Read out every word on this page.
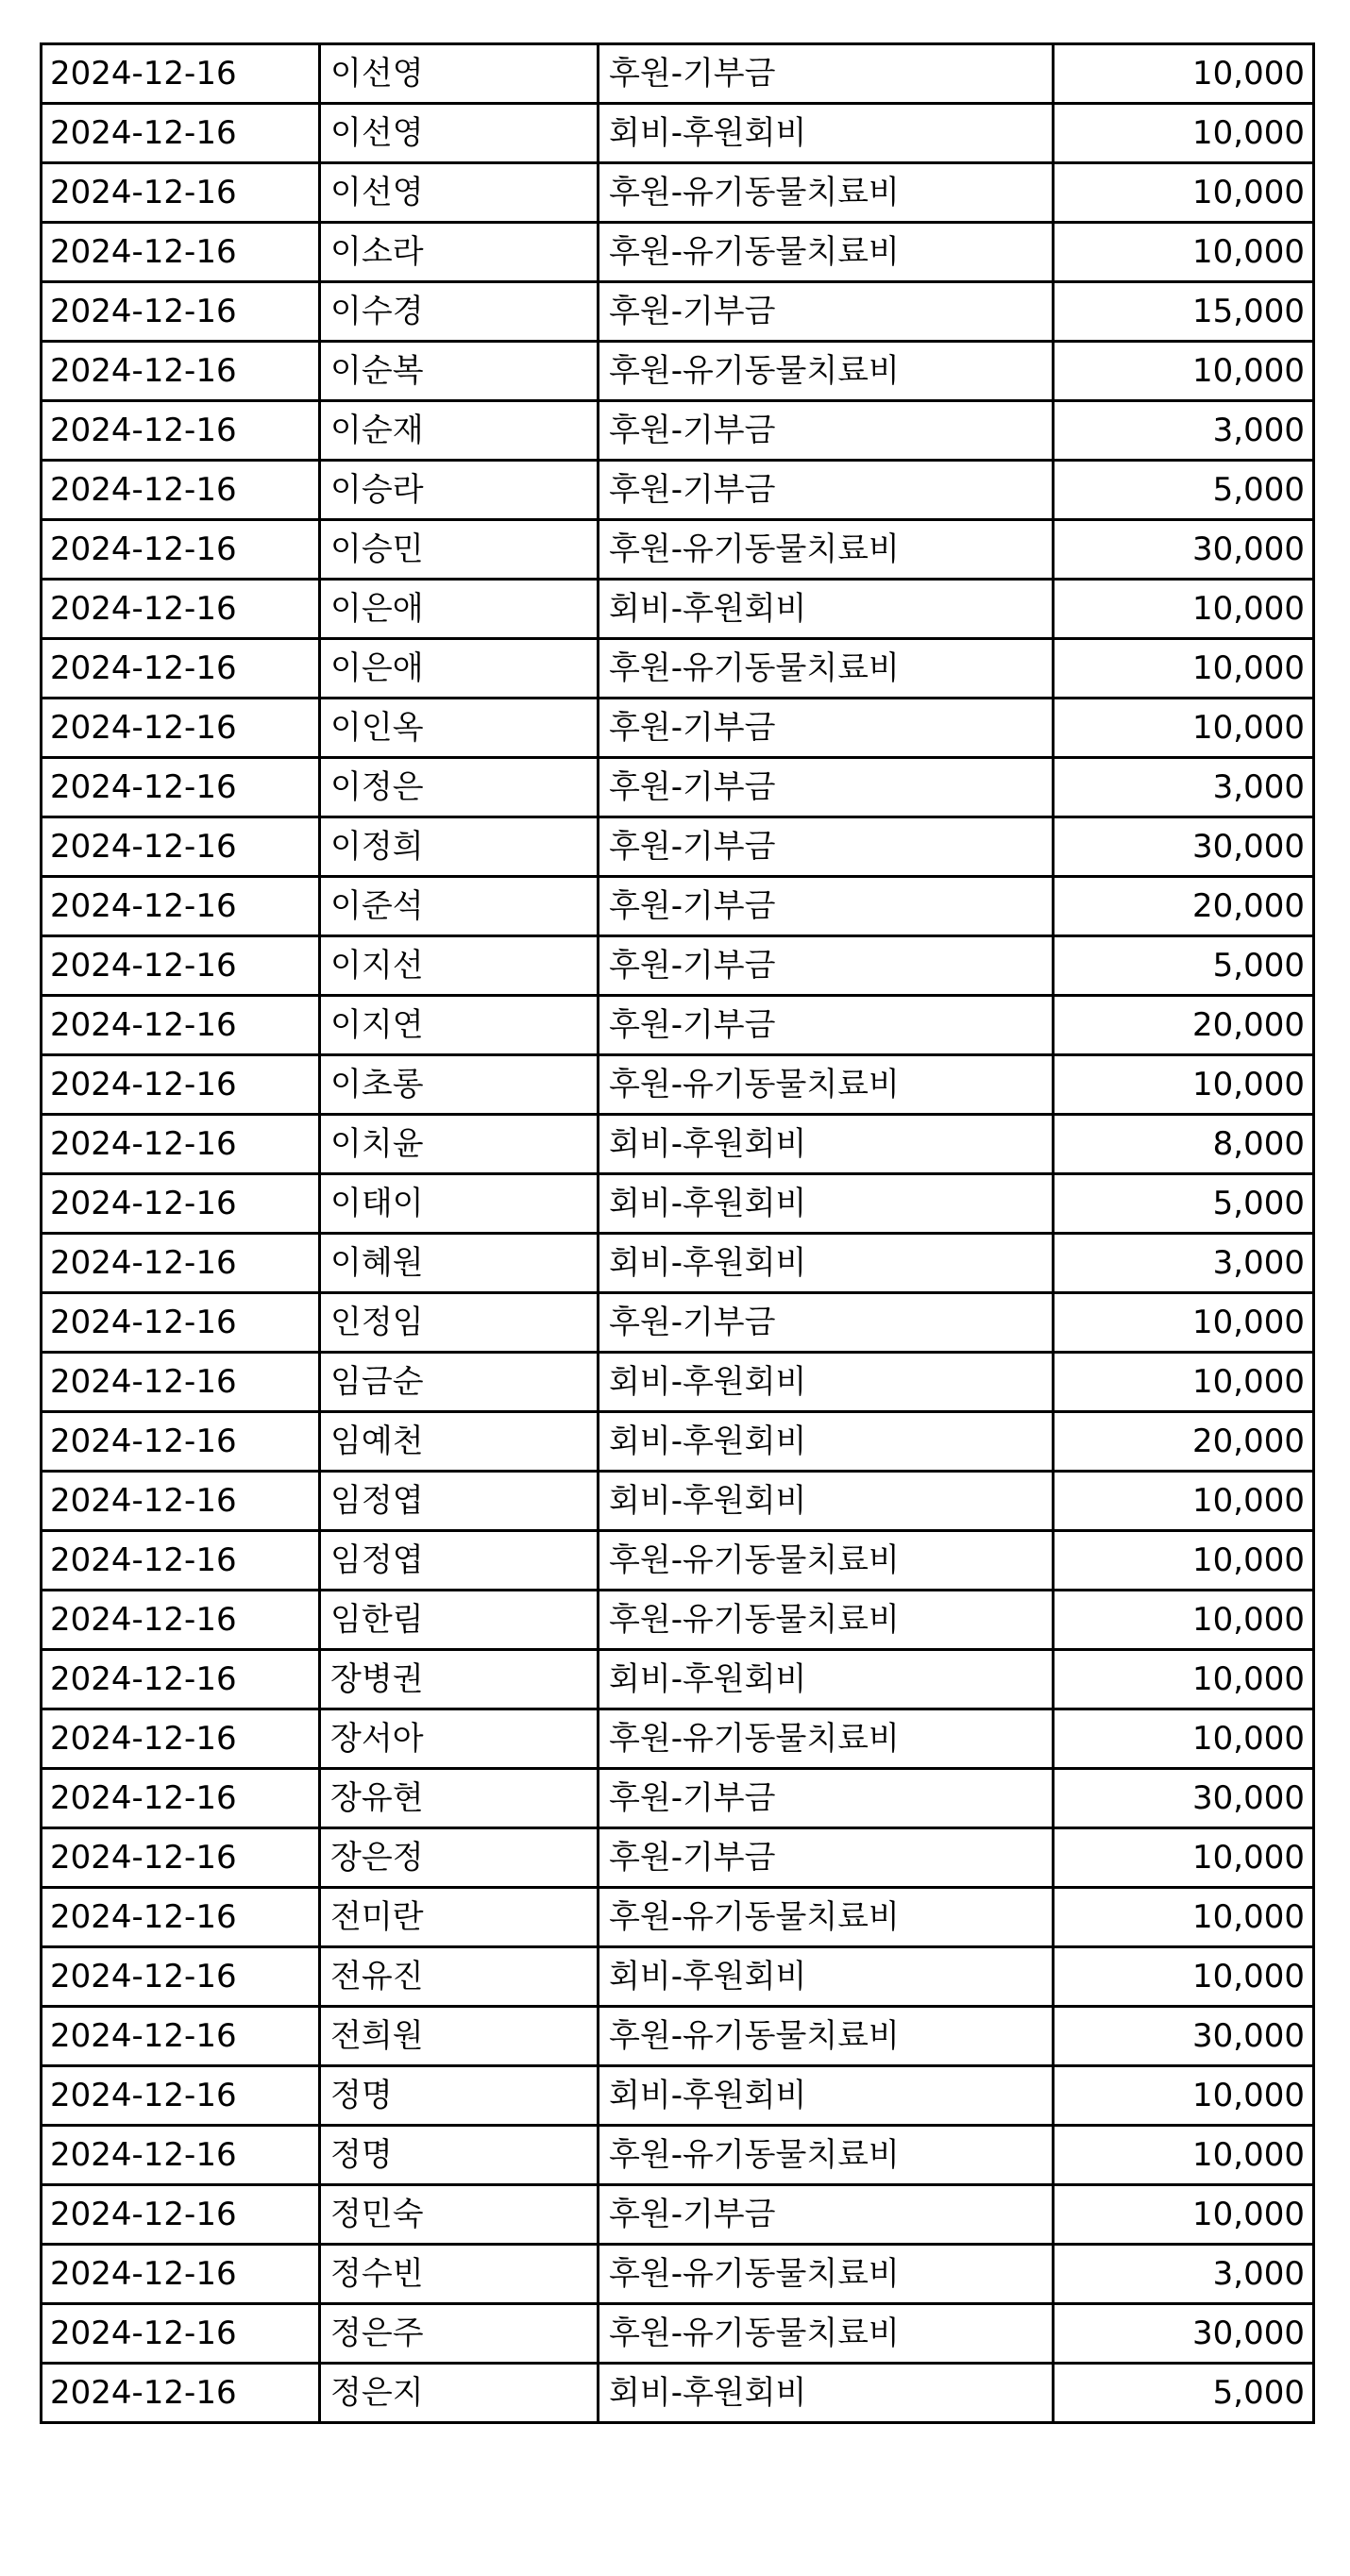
2024-12-16	이선영	후원-기부금	10,000
2024-12-16	이선영	회비-후원회비	10,000
2024-12-16	이선영	후원-유기동물치료비	10,000
2024-12-16	이소라	후원-유기동물치료비	10,000
2024-12-16	이수경	후원-기부금	15,000
2024-12-16	이순복	후원-유기동물치료비	10,000
2024-12-16	이순재	후원-기부금	3,000
2024-12-16	이승라	후원-기부금	5,000
2024-12-16	이승민	후원-유기동물치료비	30,000
2024-12-16	이은애	회비-후원회비	10,000
2024-12-16	이은애	후원-유기동물치료비	10,000
2024-12-16	이인옥	후원-기부금	10,000
2024-12-16	이정은	후원-기부금	3,000
2024-12-16	이정희	후원-기부금	30,000
2024-12-16	이준석	후원-기부금	20,000
2024-12-16	이지선	후원-기부금	5,000
2024-12-16	이지연	후원-기부금	20,000
2024-12-16	이초롱	후원-유기동물치료비	10,000
2024-12-16	이치윤	회비-후원회비	8,000
2024-12-16	이태이	회비-후원회비	5,000
2024-12-16	이혜원	회비-후원회비	3,000
2024-12-16	인정임	후원-기부금	10,000
2024-12-16	임금순	회비-후원회비	10,000
2024-12-16	임예천	회비-후원회비	20,000
2024-12-16	임정엽	회비-후원회비	10,000
2024-12-16	임정엽	후원-유기동물치료비	10,000
2024-12-16	임한림	후원-유기동물치료비	10,000
2024-12-16	장병권	회비-후원회비	10,000
2024-12-16	장서아	후원-유기동물치료비	10,000
2024-12-16	장유현	후원-기부금	30,000
2024-12-16	장은정	후원-기부금	10,000
2024-12-16	전미란	후원-유기동물치료비	10,000
2024-12-16	전유진	회비-후원회비	10,000
2024-12-16	전희원	후원-유기동물치료비	30,000
2024-12-16	정명	회비-후원회비	10,000
2024-12-16	정명	후원-유기동물치료비	10,000
2024-12-16	정민숙	후원-기부금	10,000
2024-12-16	정수빈	후원-유기동물치료비	3,000
2024-12-16	정은주	후원-유기동물치료비	30,000
2024-12-16	정은지	회비-후원회비	5,000
